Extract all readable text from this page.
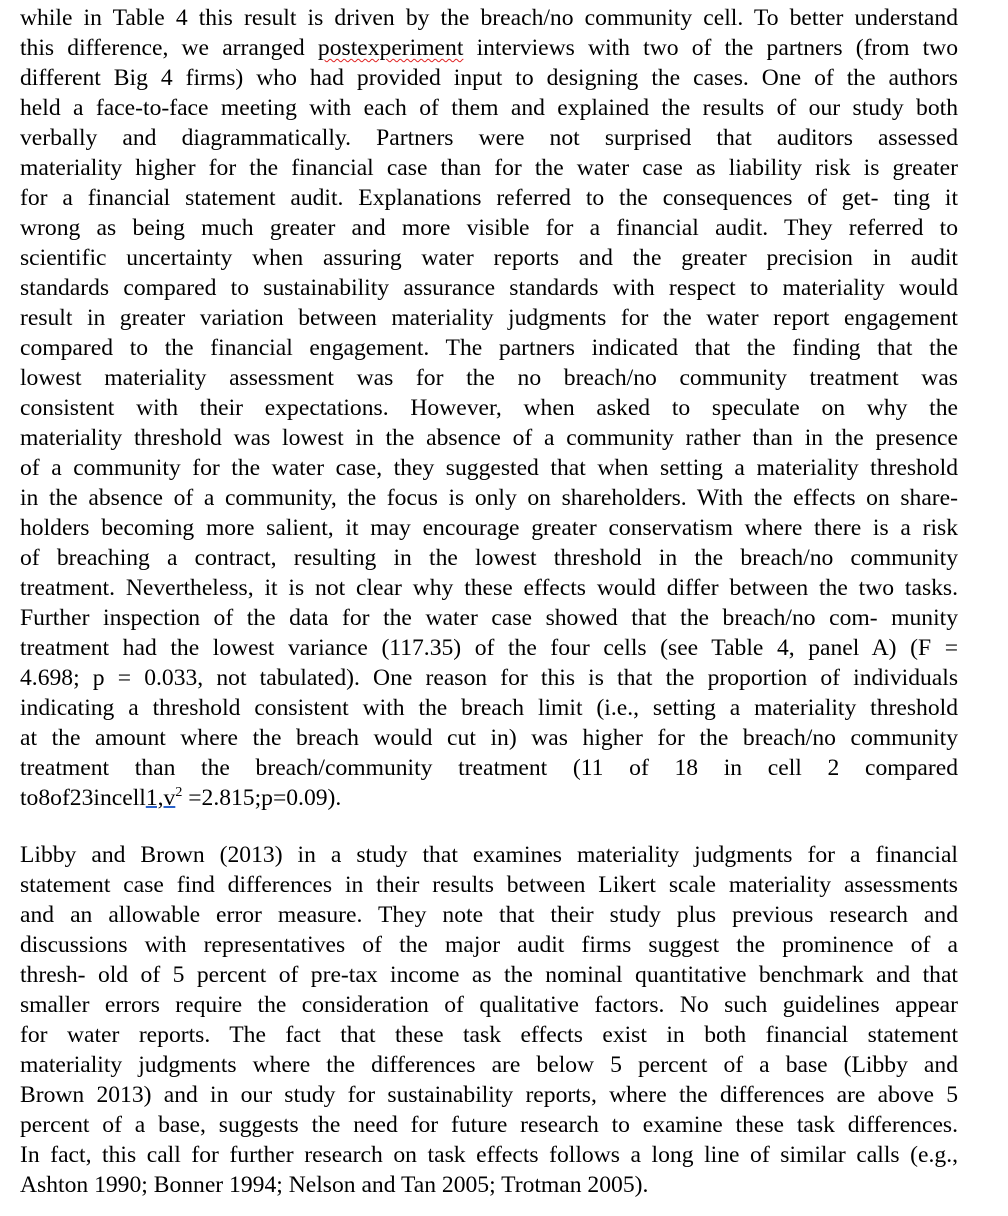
while in Table 4 this result is driven by the breach/no community cell. To better understand
this difference, we arranged postexperiment interviews with two of the partners (from two
different Big 4 firms) who had provided input to designing the cases. One of the authors
held a face-to-face meeting with each of them and explained the results of our study both
verbally and diagrammatically. Partners were not surprised that auditors assessed
materiality higher for the financial case than for the water case as liability risk is greater
for a financial statement audit. Explanations referred to the consequences of get- ting it
wrong as being much greater and more visible for a financial audit. They referred to
scientific uncertainty when assuring water reports and the greater precision in audit
standards compared to sustainability assurance standards with respect to materiality would
result in greater variation between materiality judgments for the water report engagement
compared to the financial engagement. The partners indicated that the finding that the
lowest materiality assessment was for the no breach/no community treatment was
consistent with their expectations. However, when asked to speculate on why the
materiality threshold was lowest in the absence of a community rather than in the presence
of a community for the water case, they suggested that when setting a materiality threshold
in the absence of a community, the focus is only on shareholders. With the effects on share-
holders becoming more salient, it may encourage greater conservatism where there is a risk
of breaching a contract, resulting in the lowest threshold in the breach/no community
treatment. Nevertheless, it is not clear why these effects would differ between the two tasks.
Further inspection of the data for the water case showed that the breach/no com- munity
treatment had the lowest variance (117.35) of the four cells (see Table 4, panel A) (F =
4.698; p = 0.033, not tabulated). One reason for this is that the proportion of individuals
indicating a threshold consistent with the breach limit (i.e., setting a materiality threshold
at the amount where the breach would cut in) was higher for the breach/no community
treatment than the breach/community treatment (11 of 18 in cell 2 compared
$to8of23incell1,v^2$ =2.815;p=0.09).
Libby and Brown (2013) in a study that examines materiality judgments for a financial
statement case find differences in their results between Likert scale materiality assessments
and an allowable error measure. They note that their study plus previous research and
discussions with representatives of the major audit firms suggest the prominence of a
thresh- old of 5 percent of pre-tax income as the nominal quantitative benchmark and that
smaller errors require the consideration of qualitative factors. No such guidelines appear
for water reports. The fact that these task effects exist in both financial statement
materiality judgments where the differences are below 5 percent of a base (Libby and
Brown 2013) and in our study for sustainability reports, where the differences are above 5
percent of a base, suggests the need for future research to examine these task differences.
In fact, this call for further research on task effects follows a long line of similar calls (e.g.,
Ashton 1990; Bonner 1994; Nelson and Tan 2005; Trotman 2005).
